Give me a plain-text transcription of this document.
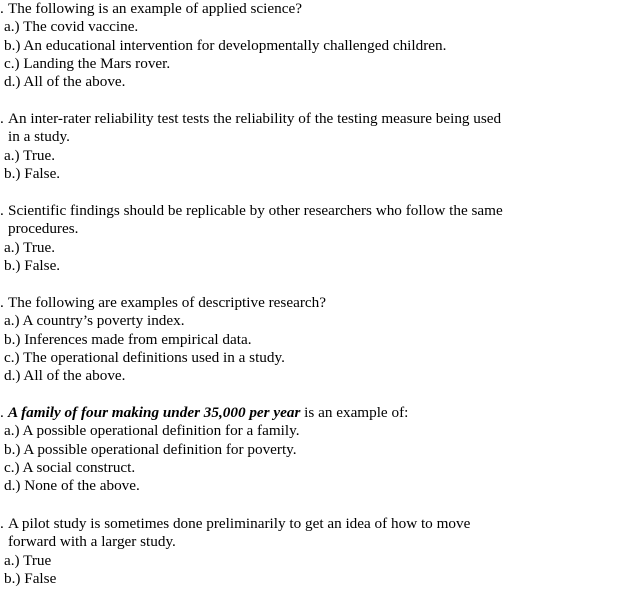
. The following is an example of applied science?
a.) The covid vaccine.
b.) An educational intervention for developmentally challenged children.
c.) Landing the Mars rover.
d.) All of the above.
. An inter-rater reliability test tests the reliability of the testing measure being used
in a study.
a.) True.
b.) False.
. Scientific findings should be replicable by other researchers who follow the same
procedures.
a.) True.
b.) False.
. The following are examples of descriptive research?
a.) A country’s poverty index.
b.) Inferences made from empirical data.
c.) The operational definitions used in a study.
d.) All of the above.
. A family of four making under 35,000 per year is an example of:
a.) A possible operational definition for a family.
b.) A possible operational definition for poverty.
c.) A social construct.
d.) None of the above.
. A pilot study is sometimes done preliminarily to get an idea of how to move
forward with a larger study.
a.) True
b.) False
